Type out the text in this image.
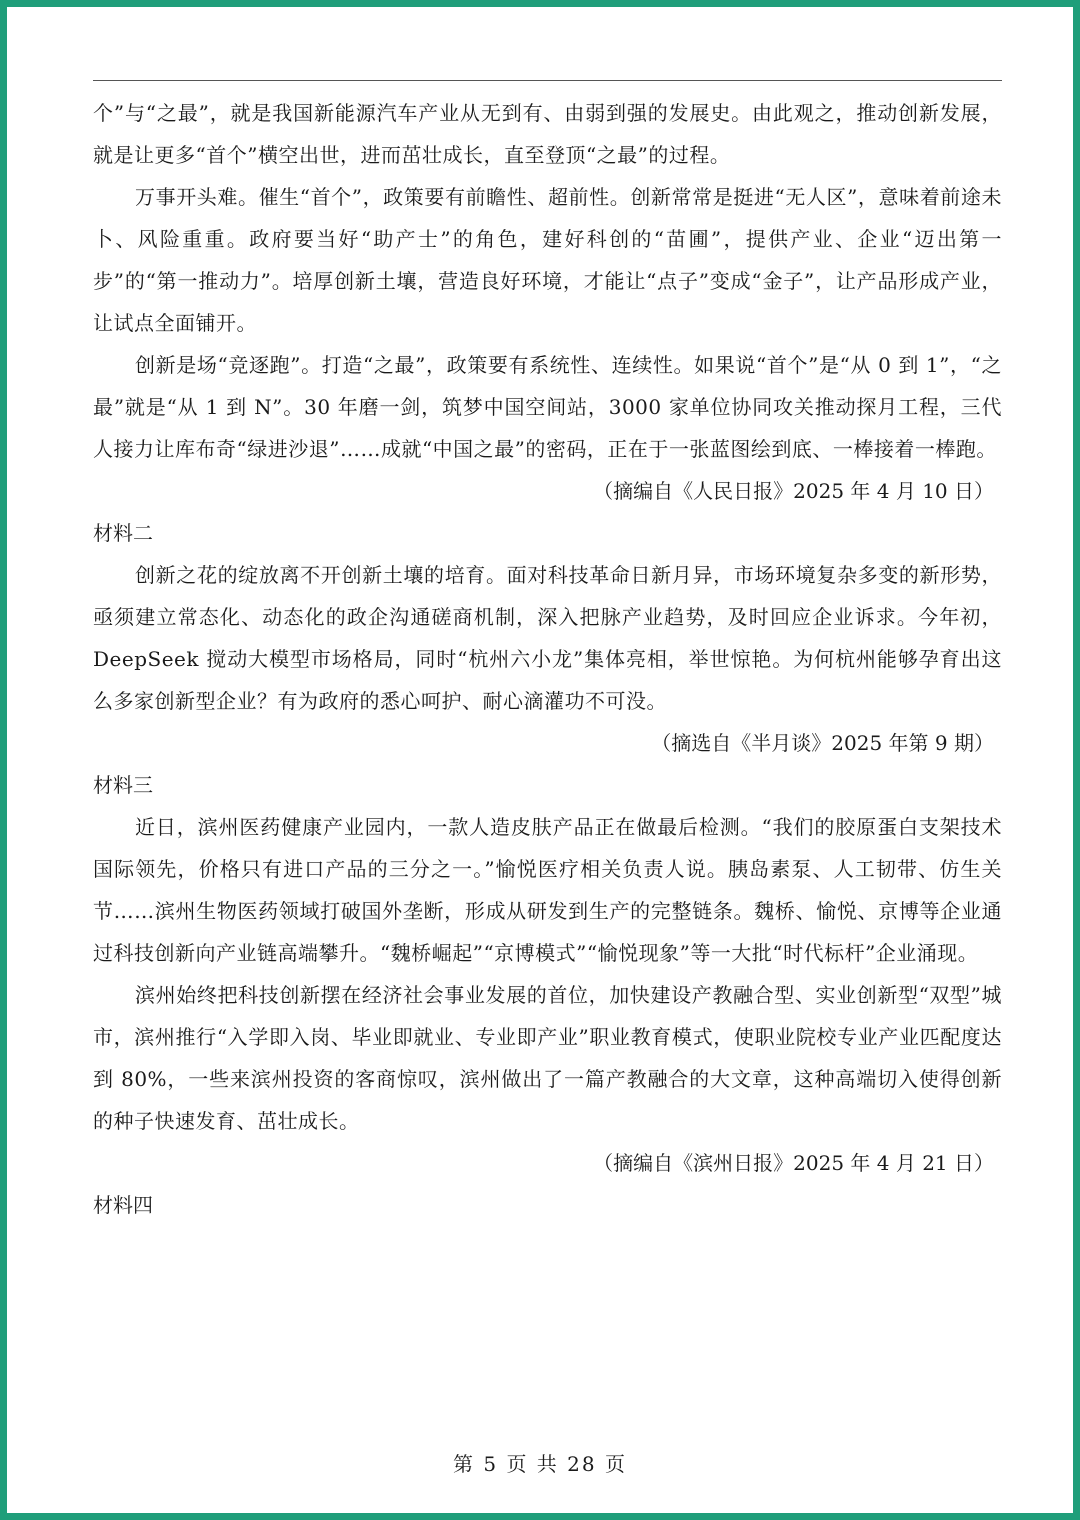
个”与“之最”，就是我国新能源汽车产业从无到有、由弱到强的发展史。由此观之，推动创新发展，就是让更多“首个”横空出世，进而茁壮成长，直至登顶“之最”的过程。

万事开头难。催生“首个”，政策要有前瞻性、超前性。创新常常是挺进“无人区”，意味着前途未卜、风险重重。政府要当好“助产士”的角色，建好科创的“苗圃”，提供产业、企业“迈出第一步”的“第一推动力”。培厚创新土壤，营造良好环境，才能让“点子”变成“金子”，让产品形成产业，让试点全面铺开。

创新是场“竞逐跑”。打造“之最”，政策要有系统性、连续性。如果说“首个”是“从 0 到 1”，“之最”就是“从 1 到 N”。30 年磨一剑，筑梦中国空间站，3000 家单位协同攻关推动探月工程，三代人接力让库布奇“绿进沙退”……成就“中国之最”的密码，正在于一张蓝图绘到底、一棒接着一棒跑。

（摘编自《人民日报》2025 年 4 月 10 日）

材料二

创新之花的绽放离不开创新土壤的培育。面对科技革命日新月异，市场环境复杂多变的新形势，亟须建立常态化、动态化的政企沟通磋商机制，深入把脉产业趋势，及时回应企业诉求。今年初，DeepSeek 搅动大模型市场格局，同时“杭州六小龙”集体亮相，举世惊艳。为何杭州能够孕育出这么多家创新型企业？有为政府的悉心呵护、耐心滴灌功不可没。

（摘选自《半月谈》2025 年第 9 期）

材料三

近日，滨州医药健康产业园内，一款人造皮肤产品正在做最后检测。“我们的胶原蛋白支架技术国际领先，价格只有进口产品的三分之一。”愉悦医疗相关负责人说。胰岛素泵、人工韧带、仿生关节……滨州生物医药领域打破国外垄断，形成从研发到生产的完整链条。魏桥、愉悦、京博等企业通过科技创新向产业链高端攀升。“魏桥崛起”“京博模式”“愉悦现象”等一大批“时代标杆”企业涌现。

滨州始终把科技创新摆在经济社会事业发展的首位，加快建设产教融合型、实业创新型“双型”城市，滨州推行“入学即入岗、毕业即就业、专业即产业”职业教育模式，使职业院校专业产业匹配度达到 80%，一些来滨州投资的客商惊叹，滨州做出了一篇产教融合的大文章，这种高端切入使得创新的种子快速发育、茁壮成长。

（摘编自《滨州日报》2025 年 4 月 21 日）

材料四

第 5 页 共 28 页
